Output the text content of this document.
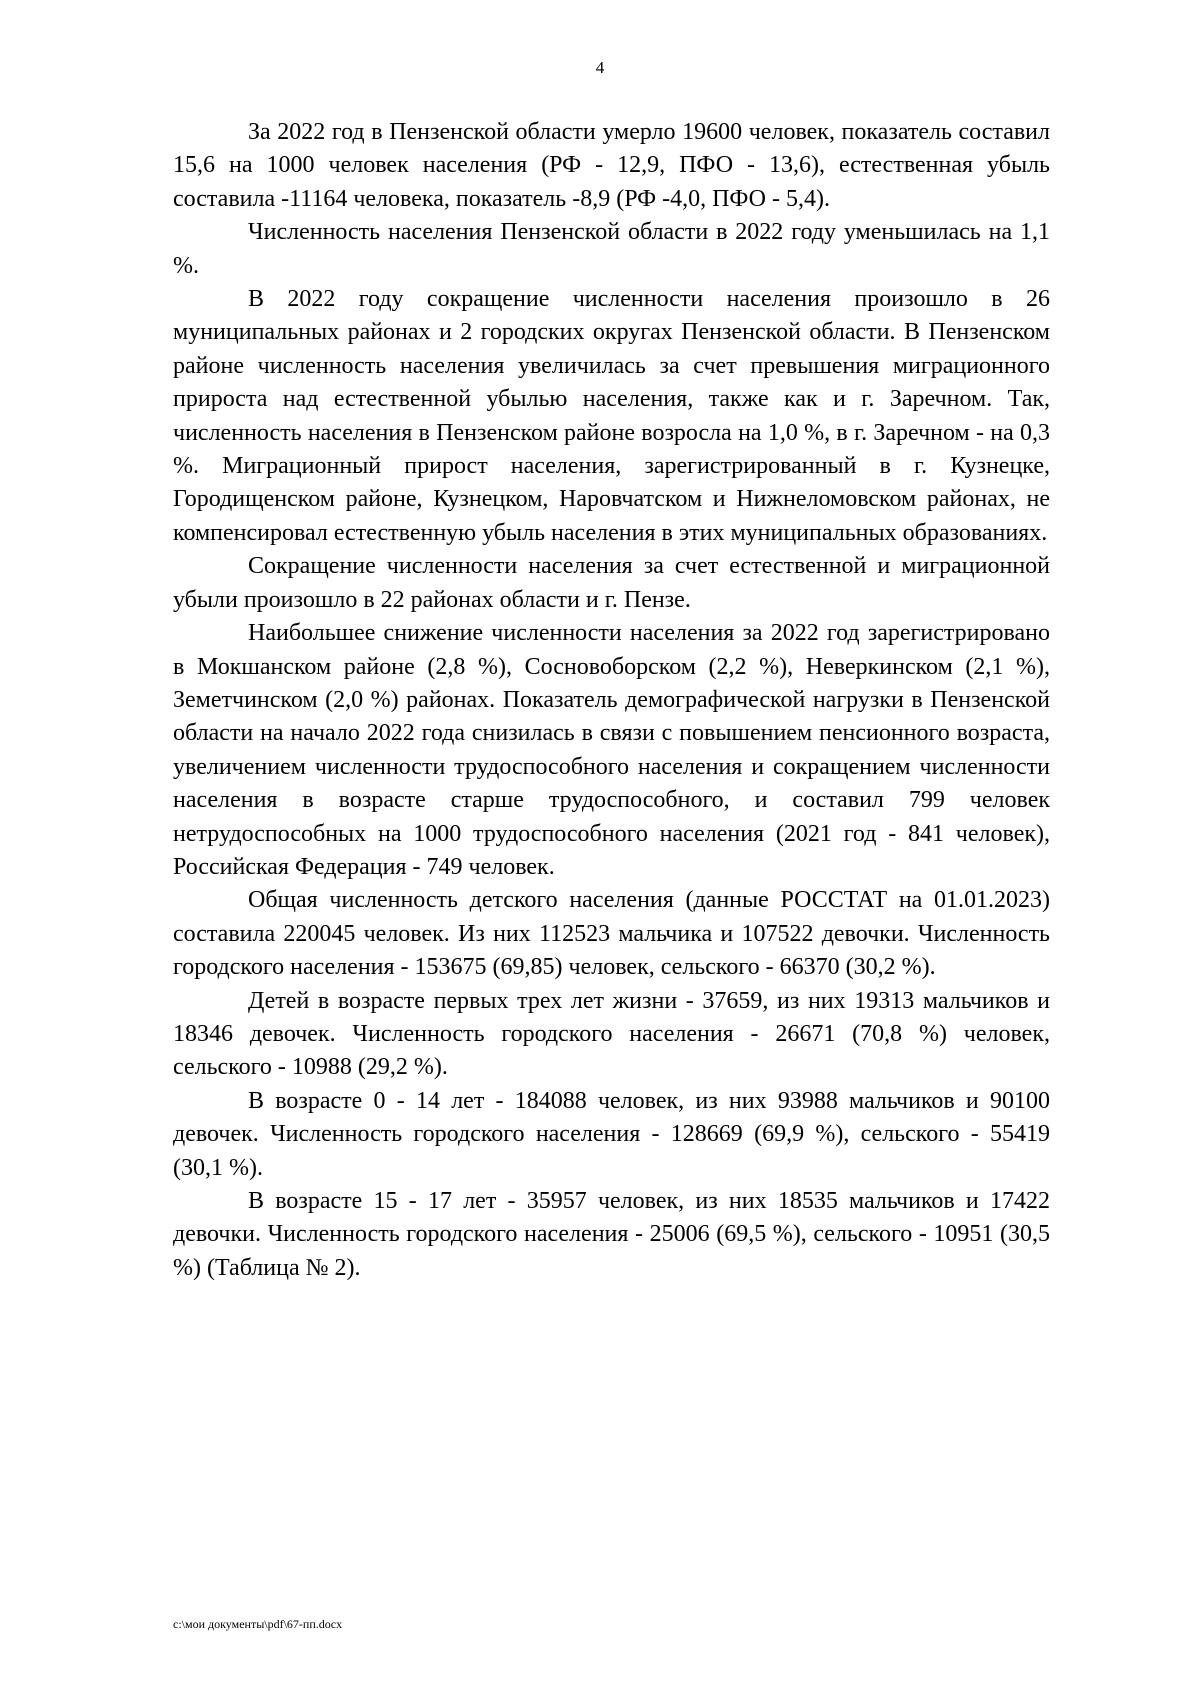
4

За 2022 год в Пензенской области умерло 19600 человек, показатель составил 15,6 на 1000 человек населения (РФ - 12,9, ПФО - 13,6), естественная убыль составила -11164 человека, показатель -8,9 (РФ -4,0, ПФО - 5,4).

Численность населения Пензенской области в 2022 году уменьшилась на 1,1 %.

В 2022 году сокращение численности населения произошло в 26 муниципальных районах и 2 городских округах Пензенской области. В Пензенском районе численность населения увеличилась за счет превышения миграционного прироста над естественной убылью населения, также как и г. Заречном. Так, численность населения в Пензенском районе возросла на 1,0 %, в г. Заречном - на 0,3 %. Миграционный прирост населения, зарегистрированный в г. Кузнецке, Городищенском районе, Кузнецком, Наровчатском и Нижнеломовском районах, не компенсировал естественную убыль населения в этих муниципальных образованиях.

Сокращение численности населения за счет естественной и миграционной убыли произошло в 22 районах области и г. Пензе.

Наибольшее снижение численности населения за 2022 год зарегистрировано в Мокшанском районе (2,8 %), Сосновоборском (2,2 %), Неверкинском (2,1 %), Земетчинском (2,0 %) районах. Показатель демографической нагрузки в Пензенской области на начало 2022 года снизилась в связи с повышением пенсионного возраста, увеличением численности трудоспособного населения и сокращением численности населения в возрасте старше трудоспособного, и составил 799 человек нетрудоспособных на 1000 трудоспособного населения (2021 год - 841 человек), Российская Федерация - 749 человек.

Общая численность детского населения (данные РОССТАТ на 01.01.2023) составила 220045 человек. Из них 112523 мальчика и 107522 девочки. Численность городского населения - 153675 (69,85) человек, сельского - 66370 (30,2 %).

Детей в возрасте первых трех лет жизни - 37659, из них 19313 мальчиков и 18346 девочек. Численность городского населения - 26671 (70,8 %) человек, сельского - 10988 (29,2 %).

В возрасте 0 - 14 лет - 184088 человек, из них 93988 мальчиков и 90100 девочек. Численность городского населения - 128669 (69,9 %), сельского - 55419 (30,1 %).

В возрасте 15 - 17 лет - 35957 человек, из них 18535 мальчиков и 17422 девочки. Численность городского населения - 25006 (69,5 %), сельского - 10951 (30,5 %) (Таблица № 2).

с:\мои документы\pdf\67-пп.docx
